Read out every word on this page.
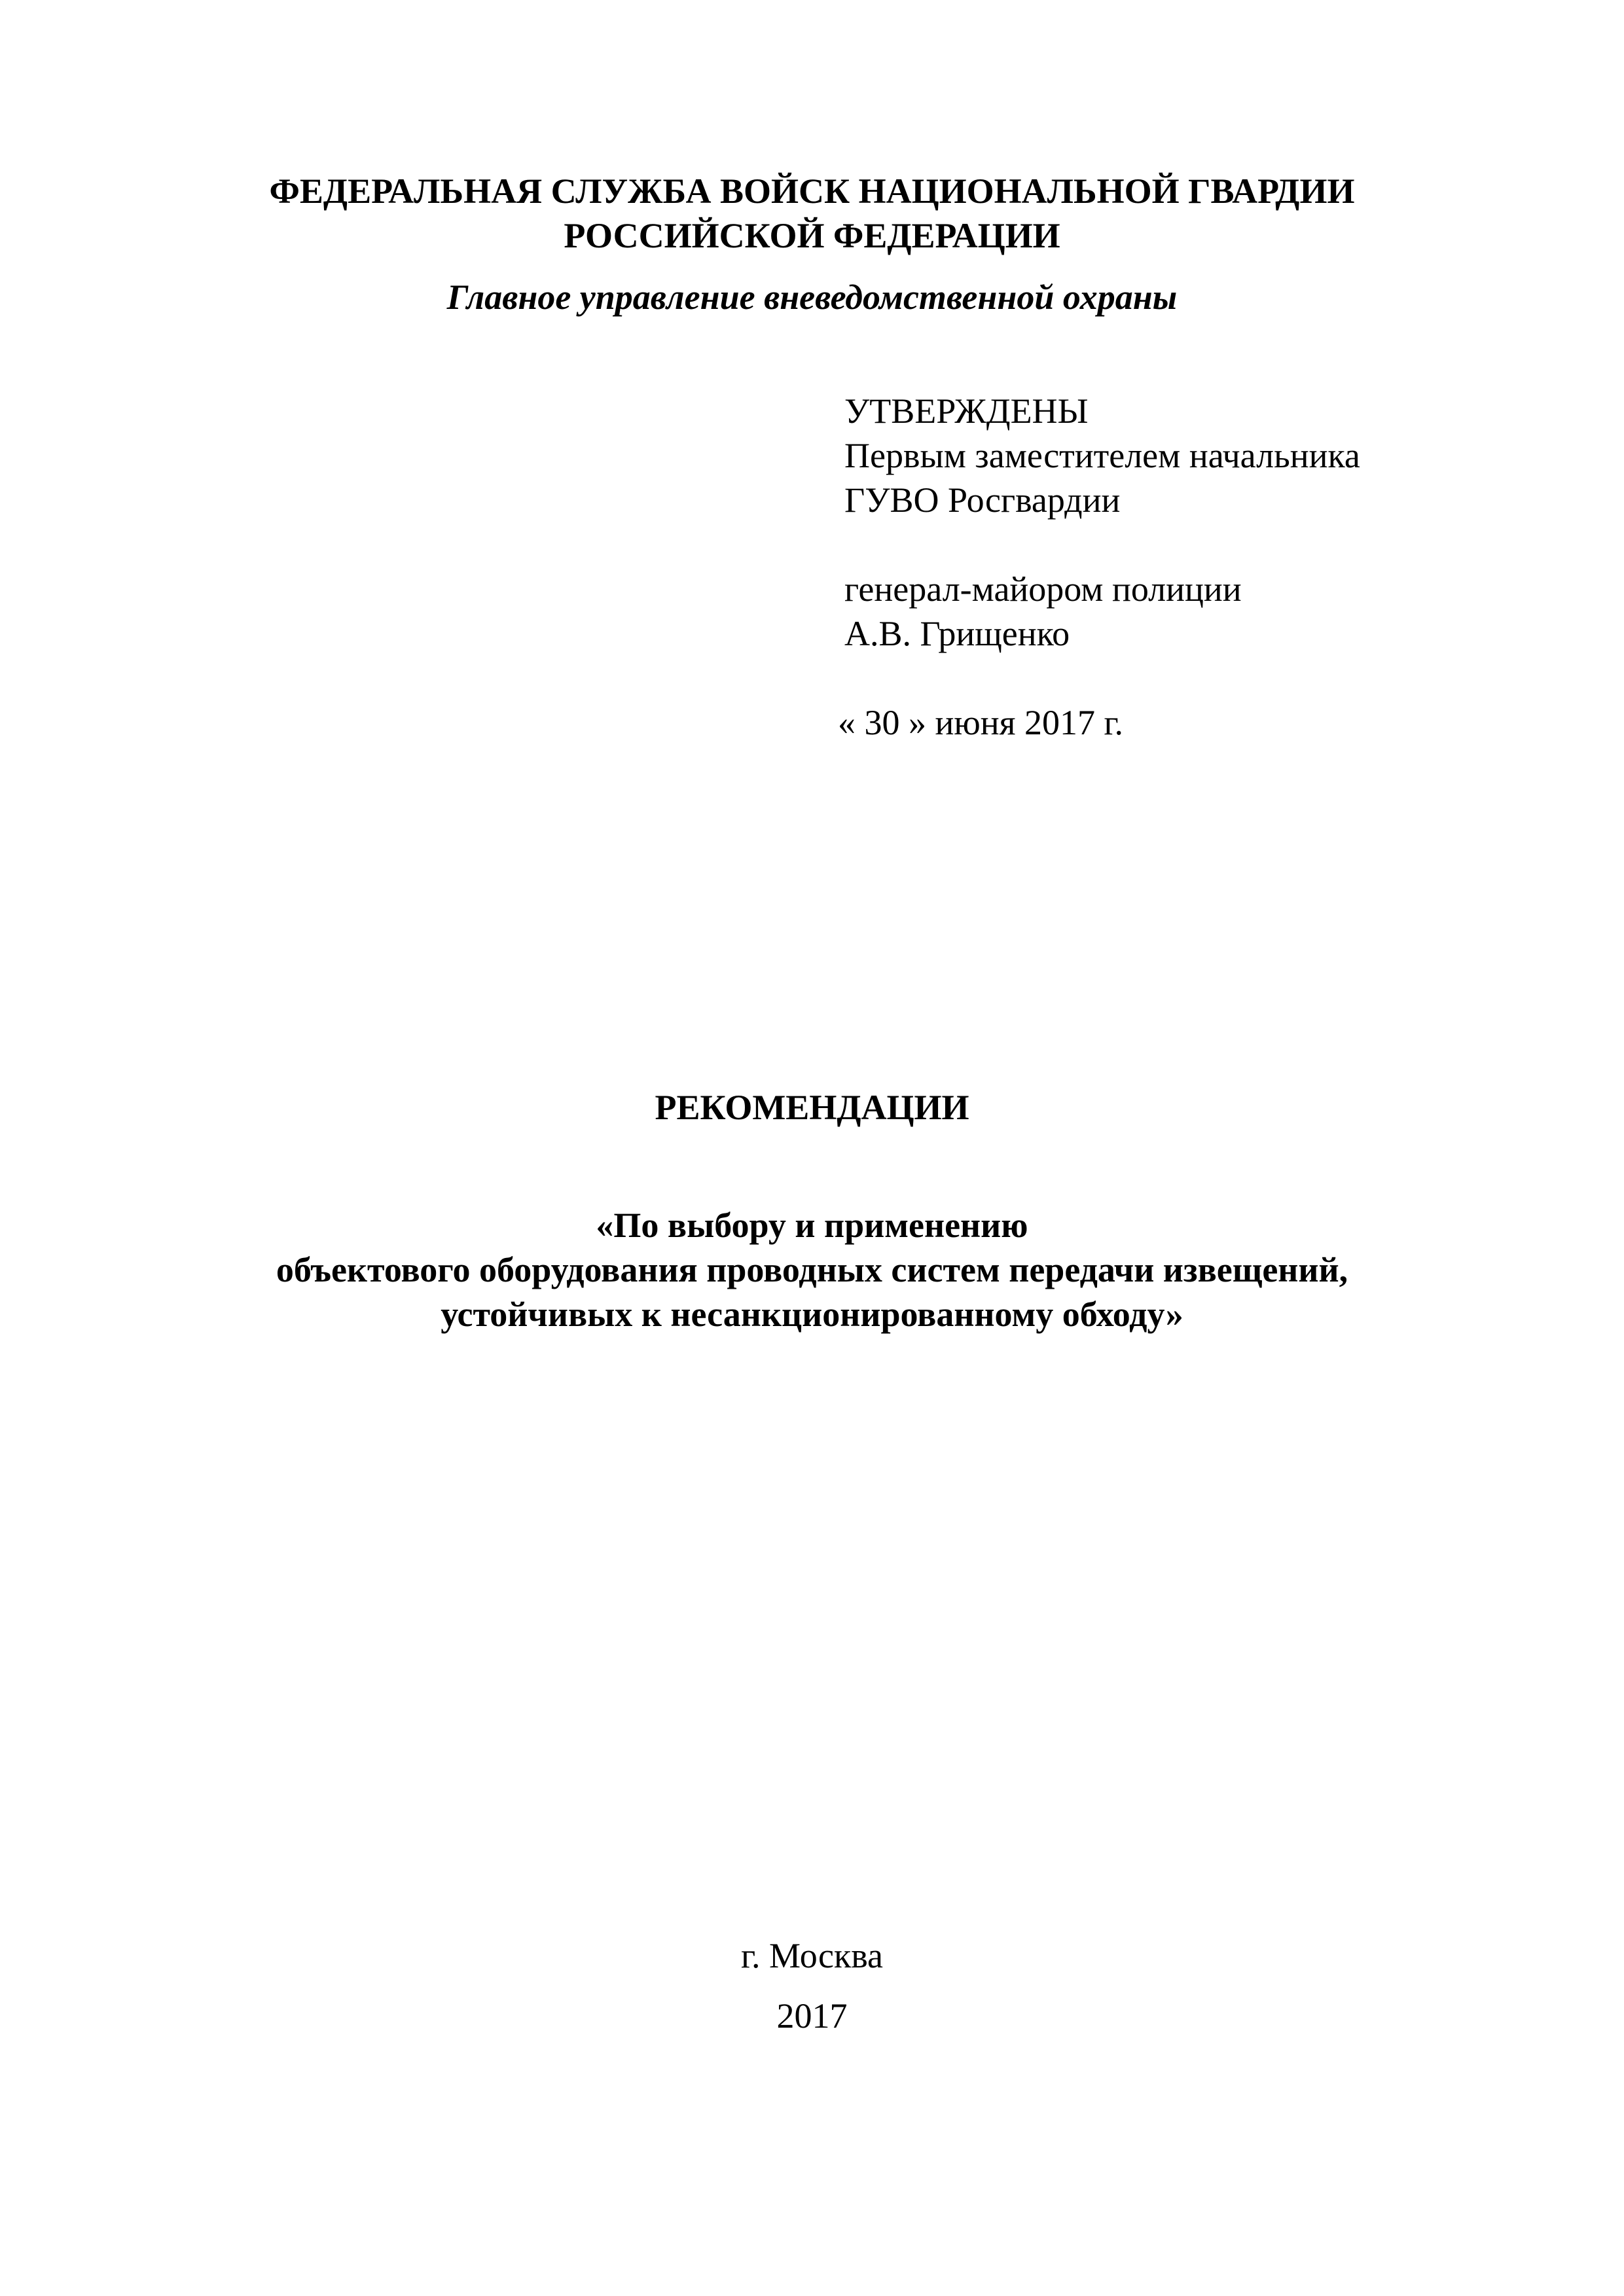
ФЕДЕРАЛЬНАЯ СЛУЖБА ВОЙСК НАЦИОНАЛЬНОЙ ГВАРДИИ
РОССИЙСКОЙ ФЕДЕРАЦИИ
Главное управление вневедомственной охраны
УТВЕРЖДЕНЫ
Первым заместителем начальника
ГУВО Росгвардии
генерал-майором полиции
А.В. Грищенко
« 30 » июня 2017 г.
РЕКОМЕНДАЦИИ
«По выбору и применению
объектового оборудования проводных систем передачи извещений,
устойчивых к несанкционированному обходу»
г. Москва
2017
